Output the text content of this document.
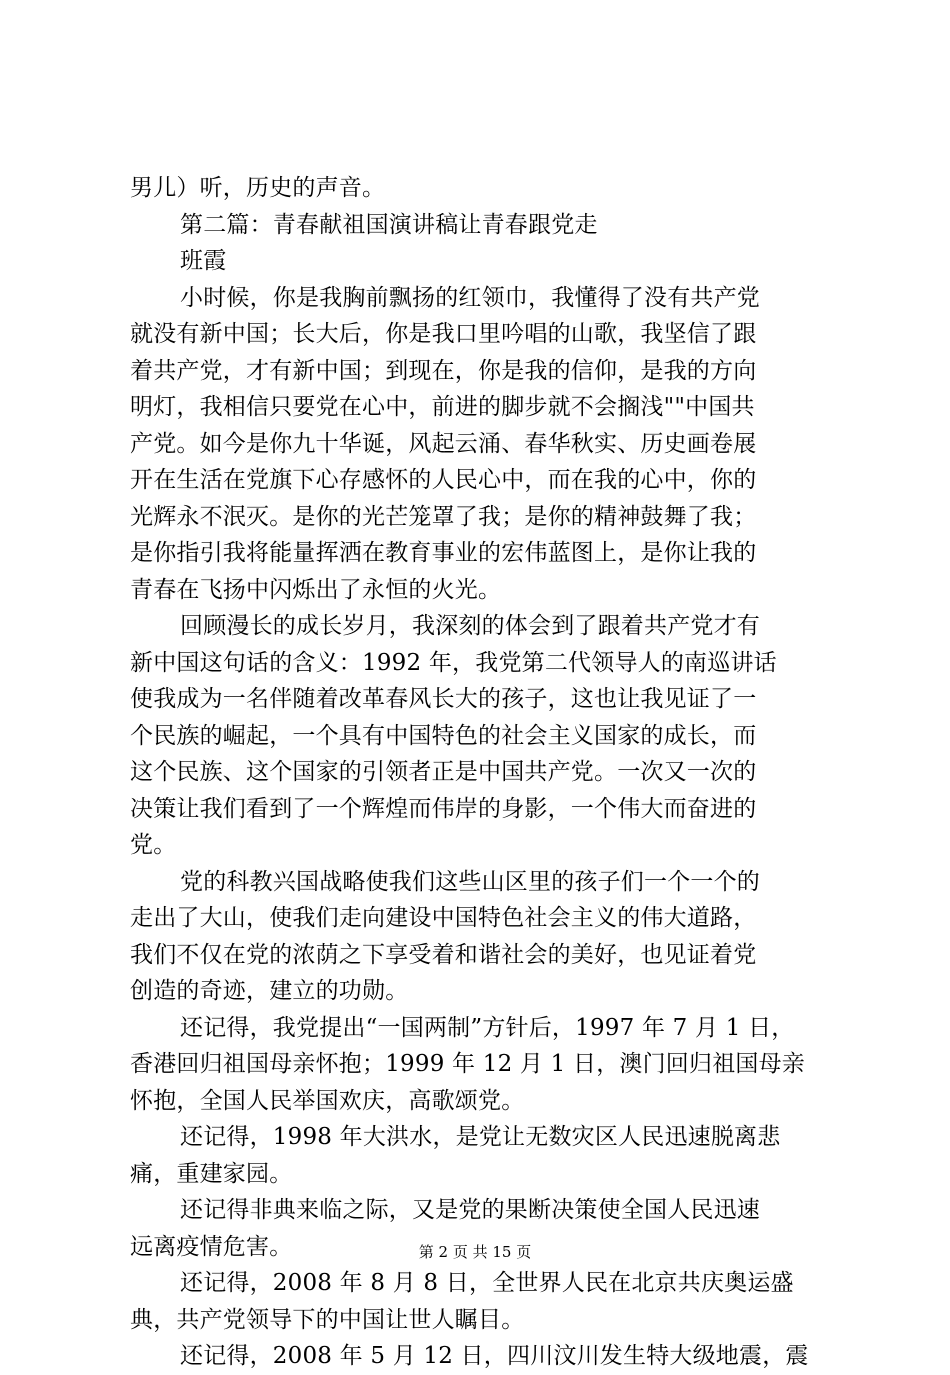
男儿）听，历史的声音。
第二篇：青春献祖国演讲稿让青春跟党走
班霞
小时候，你是我胸前飘扬的红领巾，我懂得了没有共产党
就没有新中国；长大后，你是我口里吟唱的山歌，我坚信了跟
着共产党，才有新中国；到现在，你是我的信仰，是我的方向
明灯，我相信只要党在心中，前进的脚步就不会搁浅""中国共
产党。如今是你九十华诞，风起云涌、春华秋实、历史画卷展
开在生活在党旗下心存感怀的人民心中，而在我的心中，你的
光辉永不泯灭。是你的光芒笼罩了我；是你的精神鼓舞了我；
是你指引我将能量挥洒在教育事业的宏伟蓝图上，是你让我的
青春在飞扬中闪烁出了永恒的火光。
回顾漫长的成长岁月，我深刻的体会到了跟着共产党才有
新中国这句话的含义：1992 年，我党第二代领导人的南巡讲话
使我成为一名伴随着改革春风长大的孩子，这也让我见证了一
个民族的崛起，一个具有中国特色的社会主义国家的成长，而
这个民族、这个国家的引领者正是中国共产党。一次又一次的
决策让我们看到了一个辉煌而伟岸的身影，一个伟大而奋进的
党。
党的科教兴国战略使我们这些山区里的孩子们一个一个的
走出了大山，使我们走向建设中国特色社会主义的伟大道路，
我们不仅在党的浓荫之下享受着和谐社会的美好，也见证着党
创造的奇迹，建立的功勋。
还记得，我党提出“一国两制”方针后，1997 年 7 月 1 日，
香港回归祖国母亲怀抱；1999 年 12 月 1 日，澳门回归祖国母亲
怀抱，全国人民举国欢庆，高歌颂党。
还记得，1998 年大洪水，是党让无数灾区人民迅速脱离悲
痛，重建家园。
还记得非典来临之际，又是党的果断决策使全国人民迅速
远离疫情危害。
还记得，2008 年 8 月 8 日，全世界人民在北京共庆奥运盛
典，共产党领导下的中国让世人瞩目。
还记得，2008 年 5 月 12 日，四川汶川发生特大级地震，震
第 2 页 共 15 页
